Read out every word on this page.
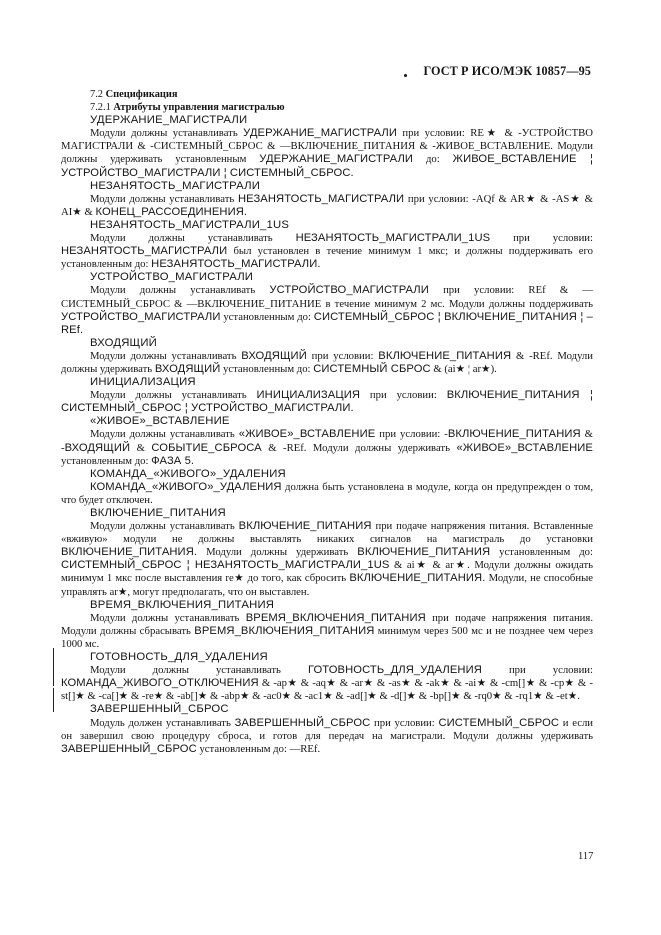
ГОСТ Р ИСО/МЭК 10857—95

7.2 Спецификация

7.2.1 Атрибуты управления магистралью

УДЕРЖАНИЕ_МАГИСТРАЛИ

Модули должны устанавливать УДЕРЖАНИЕ_МАГИСТРАЛИ при условии: RE★ & -УСТРОЙСТВО МАГИСТРАЛИ & -СИСТЕМНЫЙ_СБРОС & —ВКЛЮЧЕНИЕ_ПИТАНИЯ & -ЖИВОЕ_ВСТАВЛЕНИЕ. Модули должны удерживать установленным УДЕРЖАНИЕ_МАГИСТРАЛИ до: ЖИВОЕ_ВСТАВЛЕНИЕ ¦ УСТРОЙСТВО_МАГИСТРАЛИ ¦ СИСТЕМНЫЙ_СБРОС.

НЕЗАНЯТОСТЬ_МАГИСТРАЛИ

Модули должны устанавливать НЕЗАНЯТОСТЬ_МАГИСТРАЛИ при условии: -AQf & AR★ & -AS★ & AI★ & КОНЕЦ_РАССОЕДИНЕНИЯ.

НЕЗАНЯТОСТЬ_МАГИСТРАЛИ_1US

Модули должны устанавливать НЕЗАНЯТОСТЬ_МАГИСТРАЛИ_1US при условии: НЕЗАНЯТОСТЬ_МАГИСТРАЛИ был установлен в течение минимум 1 мкс; и должны поддерживать его установленным до: НЕЗАНЯТОСТЬ_МАГИСТРАЛИ.

УСТРОЙСТВО_МАГИСТРАЛИ

Модули должны устанавливать УСТРОЙСТВО_МАГИСТРАЛИ при условии: REf & —СИСТЕМНЫЙ_СБРОС & —ВКЛЮЧЕНИЕ_ПИТАНИЕ в течение минимум 2 мс. Модули должны поддерживать УСТРОЙСТВО_МАГИСТРАЛИ установленным до: СИСТЕМНЫЙ_СБРОС ¦ ВКЛЮЧЕНИЕ_ПИТАНИЯ ¦ –REf.

ВХОДЯЩИЙ

Модули должны устанавливать ВХОДЯЩИЙ при условии: ВКЛЮЧЕНИЕ_ПИТАНИЯ & -REf. Модули должны удерживать ВХОДЯЩИЙ установленным до: СИСТЕМНЫЙ СБРОС & (ai★ ¦ ar★).

ИНИЦИАЛИЗАЦИЯ

Модули должны устанавливать ИНИЦИАЛИЗАЦИЯ при условии: ВКЛЮЧЕНИЕ_ПИТАНИЯ ¦ СИСТЕМНЫЙ_СБРОС ¦ УСТРОЙСТВО_МАГИСТРАЛИ.

«ЖИВОЕ»_ВСТАВЛЕНИЕ

Модули должны устанавливать «ЖИВОЕ»_ВСТАВЛЕНИЕ при условии: -ВКЛЮЧЕНИЕ_ПИТАНИЯ & -ВХОДЯЩИЙ & СОБЫТИЕ_СБРОСА & -REf. Модули должны удерживать «ЖИВОЕ»_ВСТАВЛЕНИЕ установленным до: ФАЗА 5.

КОМАНДА_«ЖИВОГО»_УДАЛЕНИЯ

КОМАНДА_«ЖИВОГО»_УДАЛЕНИЯ должна быть установлена в модуле, когда он предупрежден о том, что будет отключен.

ВКЛЮЧЕНИЕ_ПИТАНИЯ

Модули должны устанавливать ВКЛЮЧЕНИЕ_ПИТАНИЯ при подаче напряжения питания. Вставленные «вживую» модули не должны выставлять никаких сигналов на магистраль до установки ВКЛЮЧЕНИЕ_ПИТАНИЯ. Модули должны удерживать ВКЛЮЧЕНИЕ_ПИТАНИЯ установленным до: СИСТЕМНЫЙ_СБРОС ¦ НЕЗАНЯТОСТЬ_МАГИСТРАЛИ_1US & ai★ & ar★. Модули должны ожидать минимум 1 мкс после выставления re★ до того, как сбросить ВКЛЮЧЕНИЕ_ПИТАНИЯ. Модули, не способные управлять ar★, могут предполагать, что он выставлен.

ВРЕМЯ_ВКЛЮЧЕНИЯ_ПИТАНИЯ

Модули должны устанавливать ВРЕМЯ_ВКЛЮЧЕНИЯ_ПИТАНИЯ при подаче напряжения питания. Модули должны сбрасывать ВРЕМЯ_ВКЛЮЧЕНИЯ_ПИТАНИЯ минимум через 500 мс и не позднее чем через 1000 мс.

ГОТОВНОСТЬ_ДЛЯ_УДАЛЕНИЯ

Модули должны устанавливать ГОТОВНОСТЬ_ДЛЯ_УДАЛЕНИЯ при условии: КОМАНДА_ЖИВОГО_ОТКЛЮЧЕНИЯ & -ap★ & -aq★ & -ar★ & -as★ & -ak★ & -ai★ & -cm[]★ & -cp★ & -st[]★ & -ca[]★ & -re★ & -ab[]★ & -abp★ & -ac0★ & -ac1★ & -ad[]★ & -d[]★ & -bp[]★ & -rq0★ & -rq1★ & -et★.

ЗАВЕРШЕННЫЙ_СБРОС

Модуль должен устанавливать ЗАВЕРШЕННЫЙ_СБРОС при условии: СИСТЕМНЫЙ_СБРОС и если он завершил свою процедуру сброса, и готов для передач на магистрали. Модули должны удерживать ЗАВЕРШЕННЫЙ_СБРОС установленным до: —REf.

117
